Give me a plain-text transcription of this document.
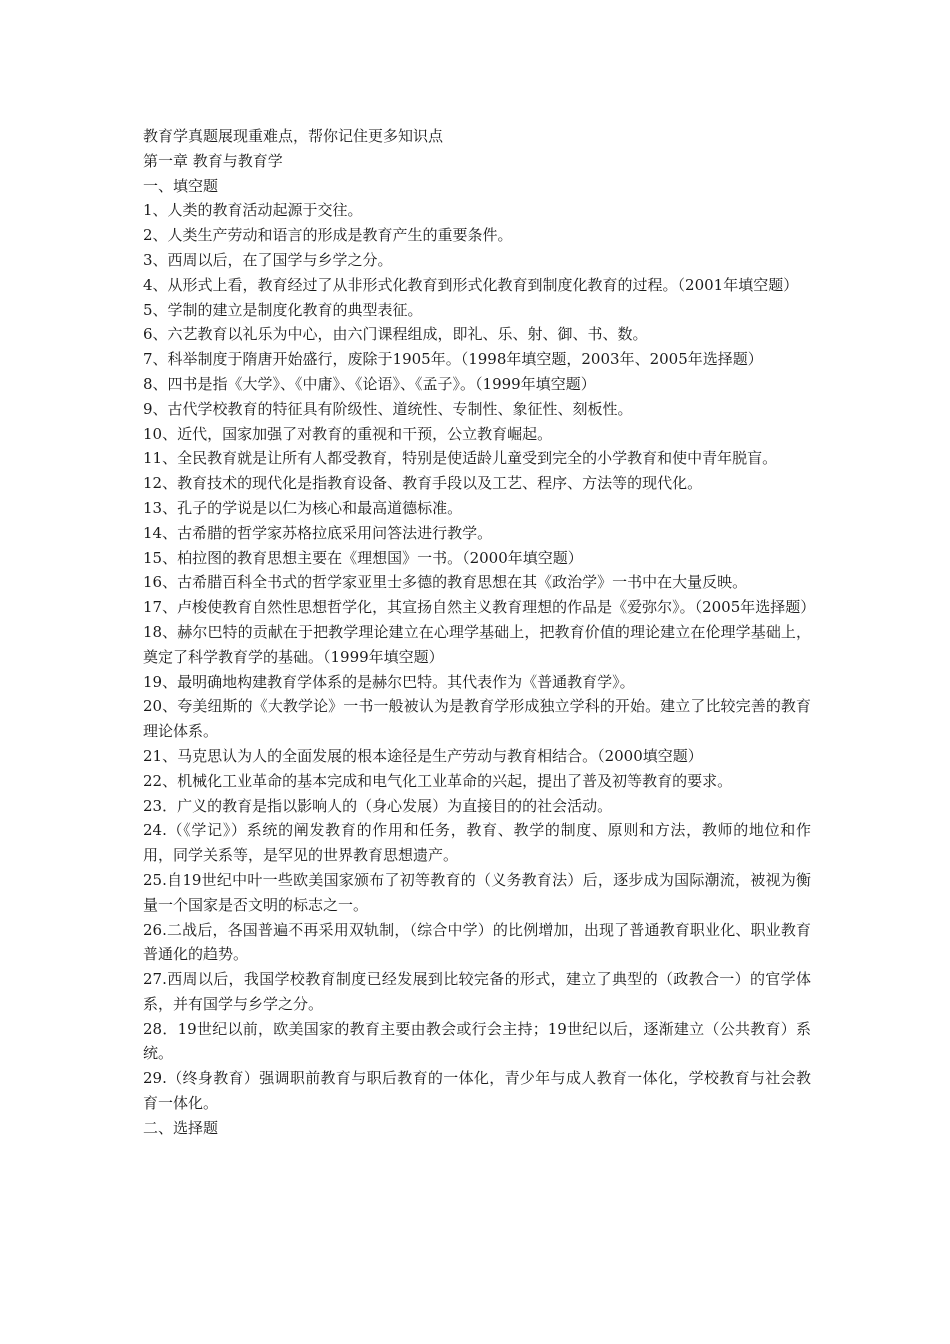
教育学真题展现重难点，帮你记住更多知识点

第一章 教育与教育学

一、填空题

1、人类的教育活动起源于交往。

2、人类生产劳动和语言的形成是教育产生的重要条件。

3、西周以后，在了国学与乡学之分。

4、从形式上看，教育经过了从非形式化教育到形式化教育到制度化教育的过程。（2001年填空题）

5、学制的建立是制度化教育的典型表征。

6、六艺教育以礼乐为中心，由六门课程组成，即礼、乐、射、御、书、数。

7、科举制度于隋唐开始盛行，废除于1905年。（1998年填空题，2003年、2005年选择题）

8、四书是指《大学》、《中庸》、《论语》、《孟子》。（1999年填空题）

9、古代学校教育的特征具有阶级性、道统性、专制性、象征性、刻板性。

10、近代，国家加强了对教育的重视和干预，公立教育崛起。

11、全民教育就是让所有人都受教育，特别是使适龄儿童受到完全的小学教育和使中青年脱盲。

12、教育技术的现代化是指教育设备、教育手段以及工艺、程序、方法等的现代化。

13、孔子的学说是以仁为核心和最高道德标准。

14、古希腊的哲学家苏格拉底采用问答法进行教学。

15、柏拉图的教育思想主要在《理想国》一书。（2000年填空题）

16、古希腊百科全书式的哲学家亚里士多德的教育思想在其《政治学》一书中在大量反映。

17、卢梭使教育自然性思想哲学化，其宣扬自然主义教育理想的作品是《爱弥尔》。（2005年选择题）

18、赫尔巴特的贡献在于把教学理论建立在心理学基础上，把教育价值的理论建立在伦理学基础上，奠定了科学教育学的基础。（1999年填空题）

19、最明确地构建教育学体系的是赫尔巴特。其代表作为《普通教育学》。

20、夸美纽斯的《大教学论》一书一般被认为是教育学形成独立学科的开始。建立了比较完善的教育理论体系。

21、马克思认为人的全面发展的根本途径是生产劳动与教育相结合。（2000填空题）

22、机械化工业革命的基本完成和电气化工业革命的兴起，提出了普及初等教育的要求。

23．广义的教育是指以影响人的（身心发展）为直接目的的社会活动。

24.（《学记》）系统的阐发教育的作用和任务，教育、教学的制度、原则和方法，教师的地位和作用，同学关系等，是罕见的世界教育思想遗产。

25.自19世纪中叶一些欧美国家颁布了初等教育的（义务教育法）后，逐步成为国际潮流，被视为衡量一个国家是否文明的标志之一。

26.二战后，各国普遍不再采用双轨制，（综合中学）的比例增加，出现了普通教育职业化、职业教育普通化的趋势。

27.西周以后，我国学校教育制度已经发展到比较完备的形式，建立了典型的（政教合一）的官学体系，并有国学与乡学之分。

28．19世纪以前，欧美国家的教育主要由教会或行会主持；19世纪以后，逐渐建立（公共教育）系统。

29.（终身教育）强调职前教育与职后教育的一体化，青少年与成人教育一体化，学校教育与社会教育一体化。

二、选择题
